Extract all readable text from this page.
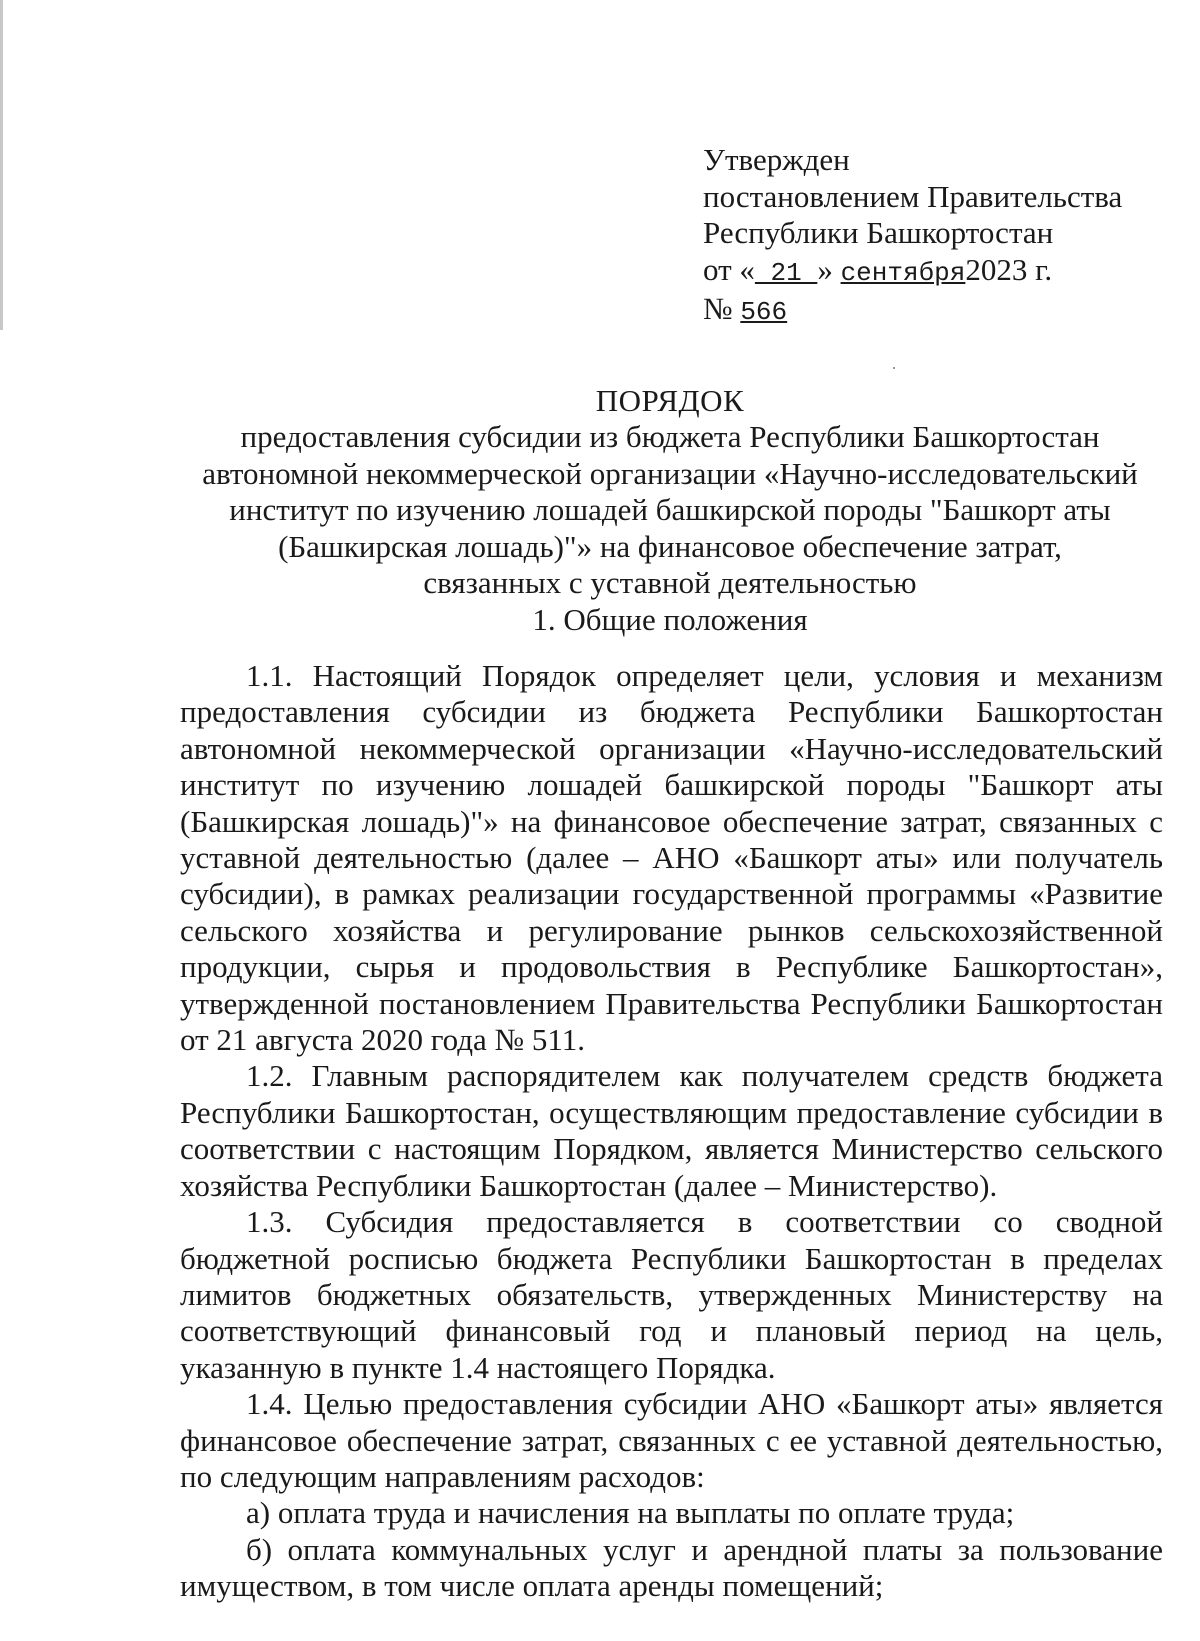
Утвержден
постановлением Правительства
Республики Башкортостан
от « 21 » сентября2023 г.
№ 566
ПОРЯДОК
предоставления субсидии из бюджета Республики Башкортостан
автономной некоммерческой организации «Научно-исследовательский
институт по изучению лошадей башкирской породы "Башкорт аты
(Башкирская лошадь)"» на финансовое обеспечение затрат,
связанных с уставной деятельностью
1. Общие положения

1.1. Настоящий Порядок определяет цели, условия и механизм предоставления субсидии из бюджета Республики Башкортостан автономной некоммерческой организации «Научно-исследовательский институт по изучению лошадей башкирской породы "Башкорт аты (Башкирская лошадь)"» на финансовое обеспечение затрат, связанных с уставной деятельностью (далее – АНО «Башкорт аты» или получатель субсидии), в рамках реализации государственной программы «Развитие сельского хозяйства и регулирование рынков сельскохозяйственной продукции, сырья и продовольствия в Республике Башкортостан», утвержденной постановлением Правительства Республики Башкортостан от 21 августа 2020 года № 511.

1.2. Главным распорядителем как получателем средств бюджета Республики Башкортостан, осуществляющим предоставление субсидии в соответствии с настоящим Порядком, является Министерство сельского хозяйства Республики Башкортостан (далее – Министерство).

1.3. Субсидия предоставляется в соответствии со сводной бюджетной росписью бюджета Республики Башкортостан в пределах лимитов бюджетных обязательств, утвержденных Министерству на соответствующий финансовый год и плановый период на цель, указанную в пункте 1.4 настоящего Порядка.

1.4. Целью предоставления субсидии АНО «Башкорт аты» является финансовое обеспечение затрат, связанных с ее уставной деятельностью, по следующим направлениям расходов:

а) оплата труда и начисления на выплаты по оплате труда;

б) оплата коммунальных услуг и арендной платы за пользование имуществом, в том числе оплата аренды помещений;
